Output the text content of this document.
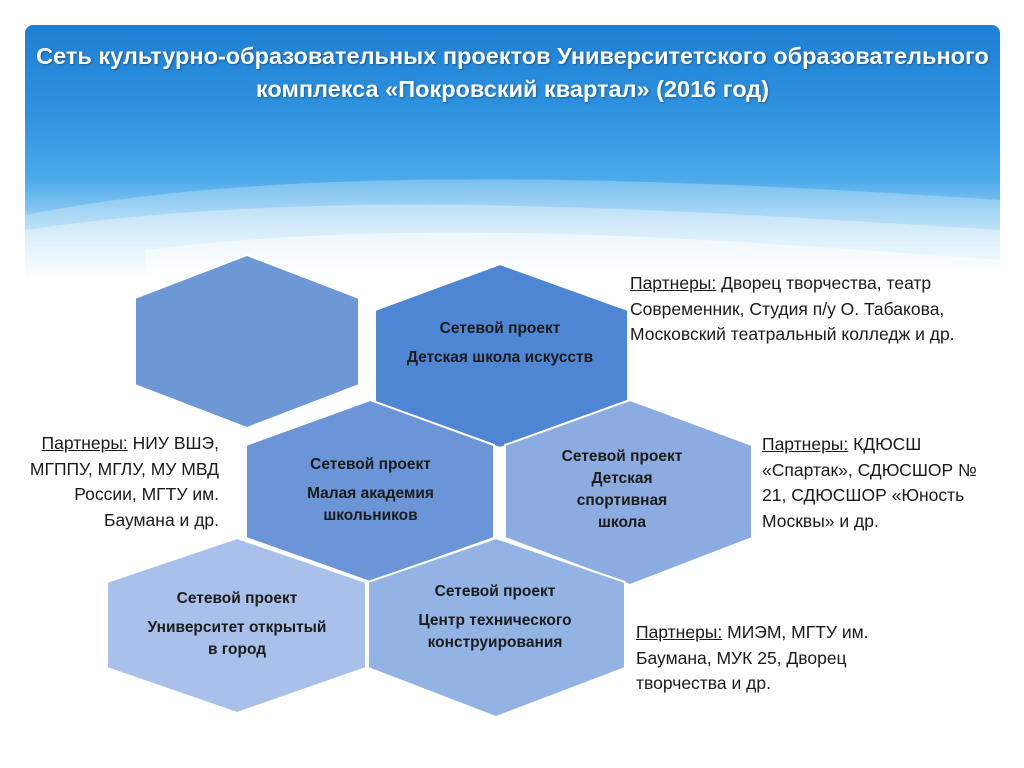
Сеть культурно-образовательных проектов Университетского образовательного комплекса «Покровский квартал» (2016 год)
Сетевой проект
Детская школа искусств
Сетевой проект
Малая академия школьников
Сетевой проект
Детская спортивная школа
Сетевой проект
Университет открытый в город
Сетевой проект
Центр технического конструирования
Партнеры: Дворец творчества, театр Современник, Студия п/у О. Табакова, Московский театральный колледж и др.
Партнеры: НИУ ВШЭ, МГППУ, МГЛУ, МУ МВД России, МГТУ им. Баумана и др.
Партнеры: КДЮСШ «Спартак», СДЮСШОР № 21, СДЮСШОР «Юность Москвы» и др.
Партнеры: МИЭМ, МГТУ им. Баумана, МУК 25, Дворец творчества и др.
